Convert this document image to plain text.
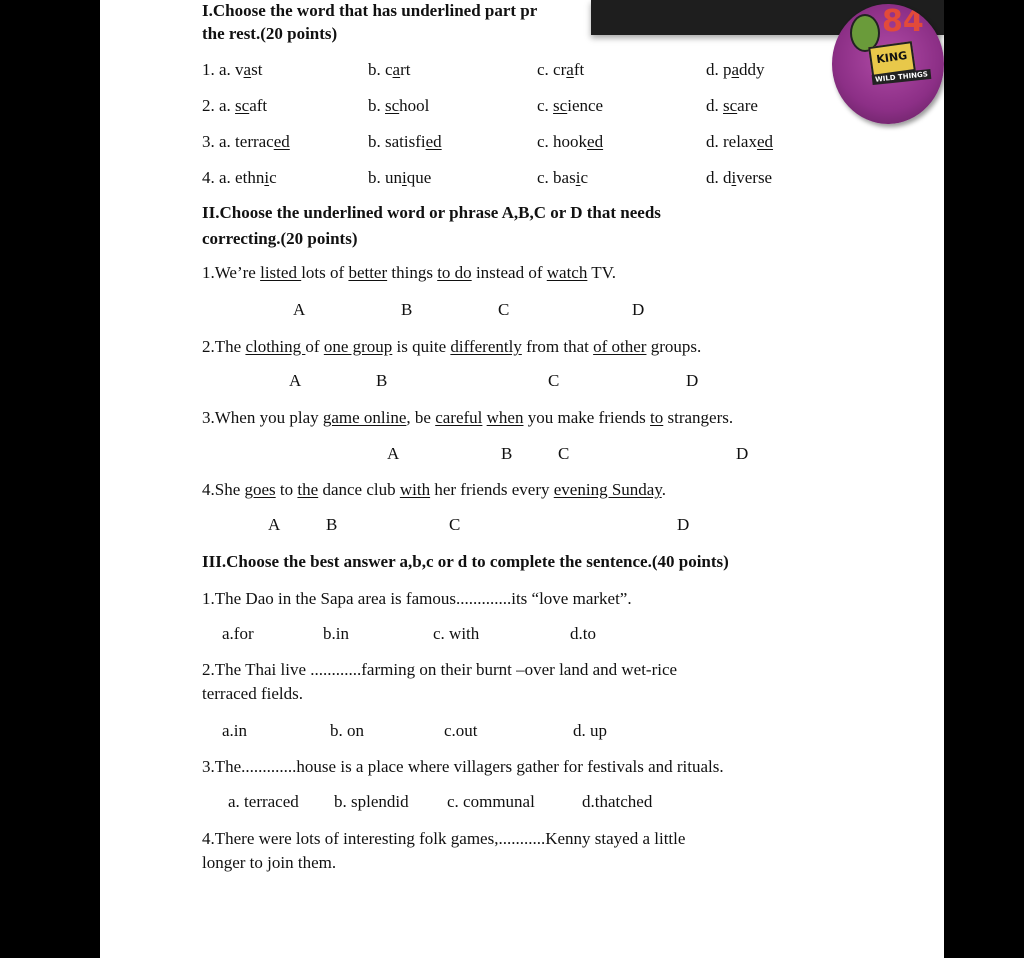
I.Choose the word that has underlined part pr
the rest.(20 points)
II.Choose the underlined word or phrase A,B,C or D that needs
correcting.(20 points)
III.Choose the best answer a,b,c or d to complete the sentence.(40 points)
1. a. vast	b. cart	c. craft	d. paddy
2. a. scaft	b. school	c. science	d. scare
3. a. terraced	b. satisfied	c. hooked	d. relaxed
4. a. ethnic	b. unique	c. basic	d. diverse
1.We’re listed lots of better things to do instead of watch TV.
A	B	C	D
2.The clothing of one group is quite differently from that of other groups.
A	B	C	D
3.When you play game online, be careful when you make friends to strangers.
A	B	C	D
4.She goes to the dance club with her friends every evening Sunday.
A	B	C	D
1.The Dao in the Sapa area is famous.............its “love market”.
a.for	b.in	c. with	d.to
2.The Thai live ............farming on their burnt –over land and wet-rice
terraced fields.
a.in	b. on	c.out	d. up
3.The.............house is a place where villagers gather for festivals and rituals.
a. terraced b. splendid c. communal	d.thatched
4.There were lots of interesting folk games,...........Kenny stayed a little
longer to join them.
84
KING
WILD THINGS
